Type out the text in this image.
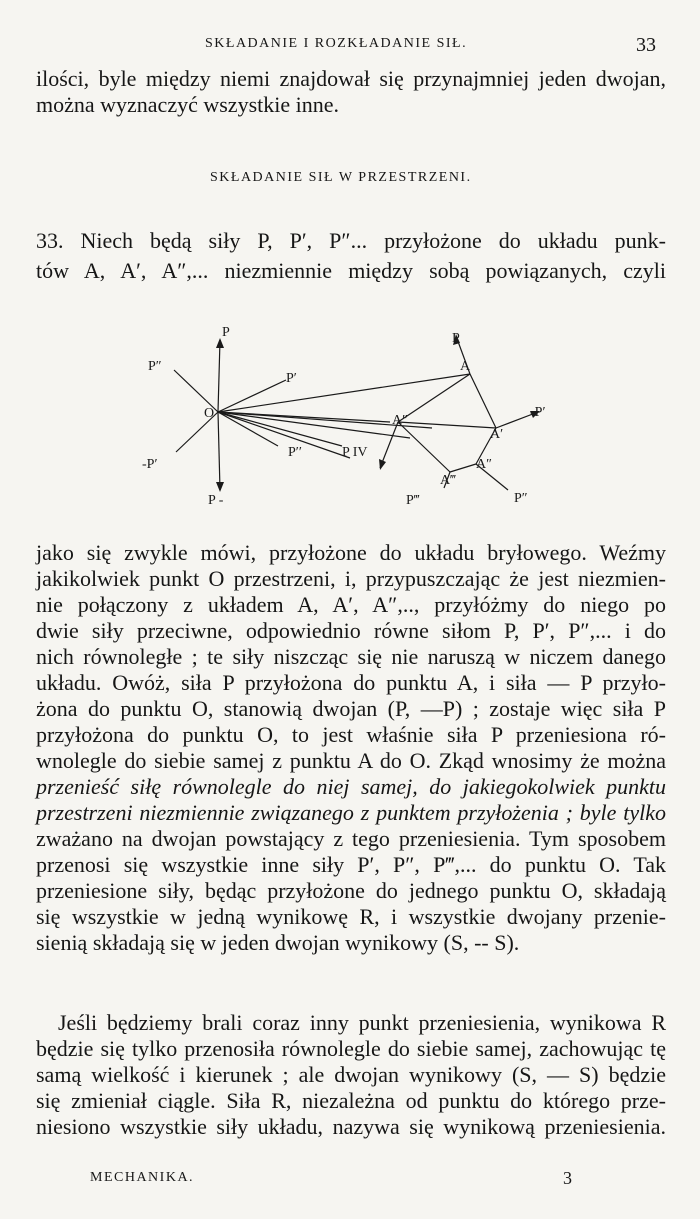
SKŁADANIE I ROZKŁADANIE SIŁ.	33
ilości, byle między niemi znajdował się przynajmniej jeden dwojan,
można wyznaczyć wszystkie inne.
SKŁADANIE SIŁ W PRZESTRZENI.
33. Niech będą siły P, P′, P″... przyłożone do układu punk-
tów A, A′, A″,... niezmiennie między sobą powiązanych, czyli
P
P″
P′
O
-P′
P′′
P -
A
P
A″
A′
-P′
P IV
A″
A‴
P‴	P″
jako się zwykle mówi, przyłożone do układu bryłowego. Weźmy
jakikolwiek punkt O przestrzeni, i, przypuszczając że jest niezmien-
nie połączony z układem A, A′, A″,.., przyłóżmy do niego po
dwie siły przeciwne, odpowiednio równe siłom P, P′, P″,... i do
nich równoległe ; te siły niszcząc się nie naruszą w niczem danego
układu. Owóż, siła P przyłożona do punktu A, i siła — P przyło-
żona do punktu O, stanowią dwojan (P, —P) ; zostaje więc siła P
przyłożona do punktu O, to jest właśnie siła P przeniesiona ró-
wnolegle do siebie samej z punktu A do O. Zkąd wnosimy że można
przenieść siłę równolegle do niej samej, do jakiegokolwiek punktu
przestrzeni niezmiennie związanego z punktem przyłożenia ; byle tylko
zważano na dwojan powstający z tego przeniesienia. Tym sposobem
przenosi się wszystkie inne siły P′, P″, P‴,... do punktu O. Tak
przeniesione siły, będąc przyłożone do jednego punktu O, składają
się wszystkie w jedną wynikowę R, i wszystkie dwojany przenie-
sienią składają się w jeden dwojan wynikowy (S, -- S).
Jeśli będziemy brali coraz inny punkt przeniesienia, wynikowa R
będzie się tylko przenosiła równolegle do siebie samej, zachowując tę
samą wielkość i kierunek ; ale dwojan wynikowy (S, — S) będzie
się zmieniał ciągle. Siła R, niezależna od punktu do którego prze-
niesiono wszystkie siły układu, nazywa się wynikową przeniesienia.
MECHANIKA.	3
